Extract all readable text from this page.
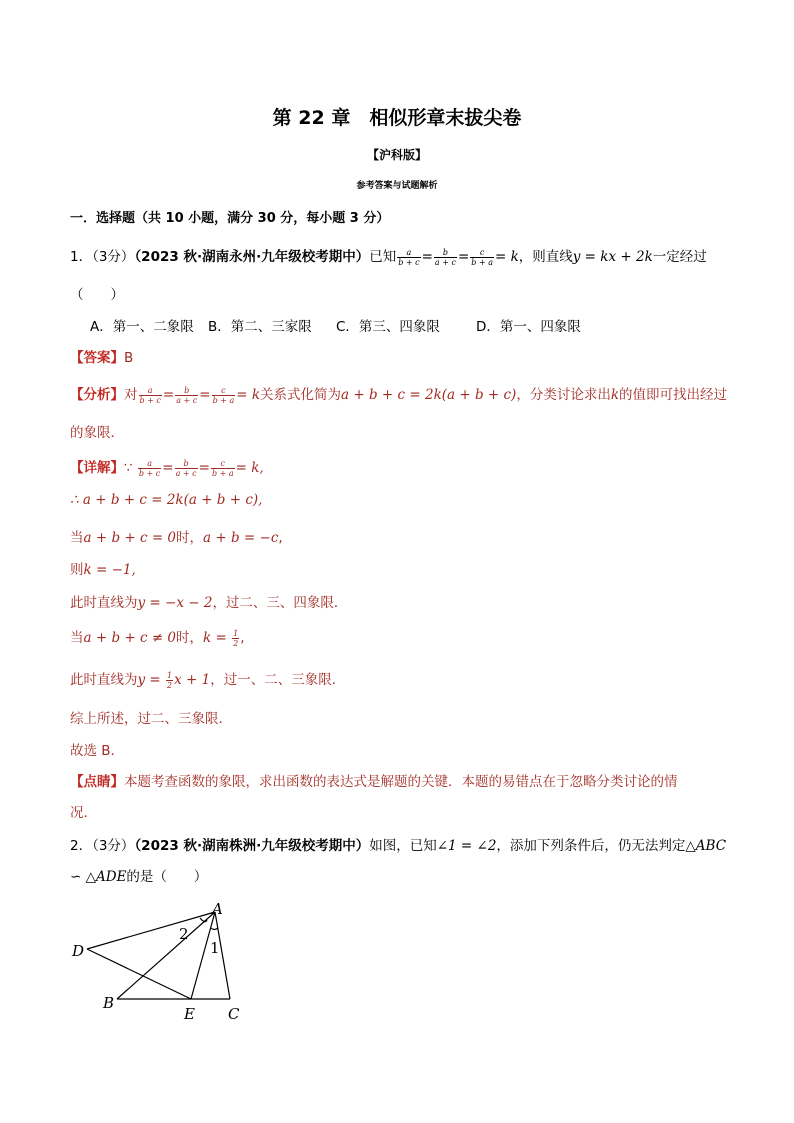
第 22 章　相似形章末拔尖卷
【沪科版】
参考答案与试题解析
一．选择题（共 10 小题，满分 30 分，每小题 3 分）
1．（3分）（2023 秋·湖南永州·九年级校考期中）已知 $\frac{a}{b + c} = \frac{b}{a + c} = \frac{c}{b + a} = k$，则直线y = kx + 2k一定经过
（　　）
A．第一、二象限 B．第二、三家限 C．第三、四象限	D．第一、四象限
【答案】B
【分析】对 $\frac{a}{b + c} = \frac{b}{a + c} = \frac{c}{b + a} = k$关系式化简为a + b + c = 2k(a + b + c)，分类讨论求出k的值即可找出经过
的象限．
【详解】∵ $\frac{a}{b + c} = \frac{b}{a + c} = \frac{c}{b + a} = k$,
∴ a + b + c = 2k(a + b + c),
当a + b + c = 0时，a + b = −c,
则k = −1,
此时直线为y = −x − 2，过二、三、四象限．
当a + b + c ≠ 0时，$k = \frac{1}{2}$ ,
此时直线为$y = \frac{1}{2}$ x + 1，过一、二、三象限．
综上所述，过二、三象限．
故选 B．
【点睛】本题考查函数的象限，求出函数的表达式是解题的关键．本题的易错点在于忽略分类讨论的情
况．
2．（3分）（2023 秋·湖南株洲·九年级校考期中）如图，已知∠1 = ∠2，添加下列条件后，仍无法判定△ABC
∽ △ADE的是（　　）
A
D
B
E C
2
1
